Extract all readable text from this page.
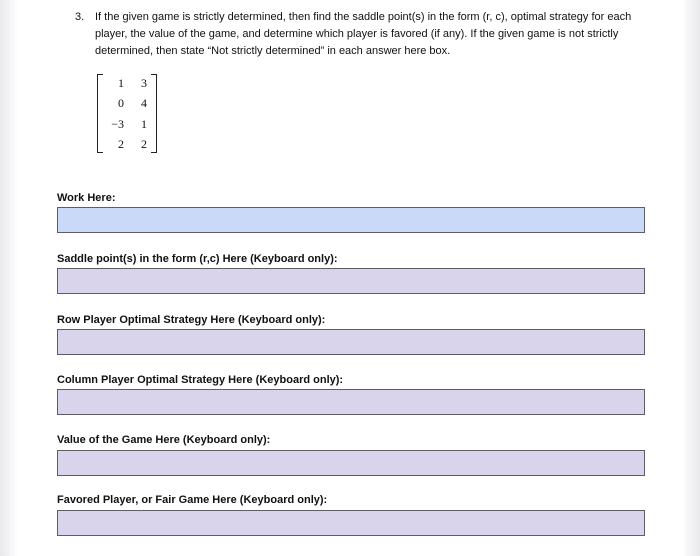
3. If the given game is strictly determined, then find the saddle point(s) in the form (r, c), optimal strategy for each player, the value of the game, and determine which player is favored (if any). If the given game is not strictly determined, then state “Not strictly determined” in each answer here box.
1	3
0	4
−3	1
2	2
Work Here:
Saddle point(s) in the form (r,c) Here (Keyboard only):
Row Player Optimal Strategy Here (Keyboard only):
Column Player Optimal Strategy Here (Keyboard only):
Value of the Game Here (Keyboard only):
Favored Player, or Fair Game Here (Keyboard only):
